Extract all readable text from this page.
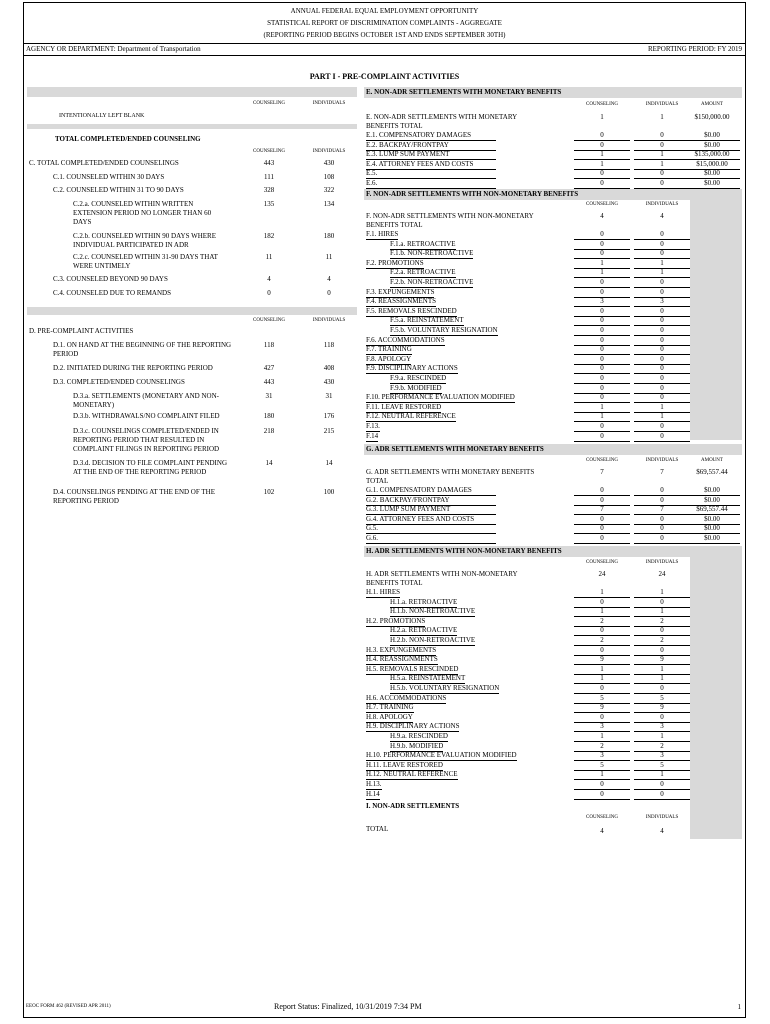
ANNUAL FEDERAL EQUAL EMPLOYMENT OPPORTUNITY
STATISTICAL REPORT OF DISCRIMINATION COMPLAINTS - AGGREGATE
(REPORTING PERIOD BEGINS OCTOBER 1ST AND ENDS SEPTEMBER 30TH)
AGENCY OR DEPARTMENT: Department of Transportation	REPORTING PERIOD: FY 2019
PART I - PRE-COMPLAINT ACTIVITIES
COUNSELING	INDIVIDUALS
INTENTIONALLY LEFT BLANK
TOTAL COMPLETED/ENDED COUNSELING
COUNSELING	INDIVIDUALS
C. TOTAL COMPLETED/ENDED COUNSELINGS	443	430
C.1. COUNSELED WITHIN 30 DAYS	111	108
C.2. COUNSELED WITHIN 31 TO 90 DAYS	328	322
C.2.a. COUNSELED WITHIN WRITTEN EXTENSION PERIOD NO LONGER THAN 60 DAYS
135	134
C.2.b. COUNSELED WITHIN 90 DAYS WHERE INDIVIDUAL PARTICIPATED IN ADR
182	180
C.2.c. COUNSELED WITHIN 31-90 DAYS THAT WERE UNTIMELY
11	11
C.3. COUNSELED BEYOND 90 DAYS	4	4
C.4. COUNSELED DUE TO REMANDS	0	0
COUNSELING	INDIVIDUALS
D. PRE-COMPLAINT ACTIVITIES
D.1. ON HAND AT THE BEGINNING OF THE REPORTING PERIOD
118	118
D.2. INITIATED DURING THE REPORTING PERIOD	427	408
D.3. COMPLETED/ENDED COUNSELINGS	443	430
D.3.a. SETTLEMENTS (MONETARY AND NON-MONETARY)
31	31
D.3.b. WITHDRAWALS/NO COMPLAINT FILED	180	176
D.3.c. COUNSELINGS COMPLETED/ENDED IN REPORTING PERIOD THAT RESULTED IN COMPLAINT FILINGS IN REPORTING PERIOD
218	215
D.3.d. DECISION TO FILE COMPLAINT PENDING AT THE END OF THE REPORTING PERIOD
14	14
D.4. COUNSELINGS PENDING AT THE END OF THE REPORTING PERIOD
102	100
E. NON-ADR SETTLEMENTS WITH MONETARY BENEFITS
COUNSELING	INDIVIDUALS	AMOUNT
E. NON-ADR SETTLEMENTS WITH MONETARY BENEFITS TOTAL
1	1	$150,000.00
E.1. COMPENSATORY DAMAGES	0	0	$0.00
E.2. BACKPAY/FRONTPAY	0	0	$0.00
E.3. LUMP SUM PAYMENT	1	1	$135,000.00
E.4. ATTORNEY FEES AND COSTS	1	1	$15,000.00
E.5.	0	0	$0.00
E.6.	0	0	$0.00
F. NON-ADR SETTLEMENTS WITH NON-MONETARY BENEFITS
COUNSELING	INDIVIDUALS
F. NON-ADR SETTLEMENTS WITH NON-MONETARY BENEFITS TOTAL
4	4
F.1. HIRES	0	0
F.1.a. RETROACTIVE	0	0
F.1.b. NON-RETROACTIVE	0	0
F.2. PROMOTIONS	1	1
F.2.a. RETROACTIVE	1	1
F.2.b. NON-RETROACTIVE	0	0
F.3. EXPUNGEMENTS	0	0
F.4. REASSIGNMENTS	3	3
F.5. REMOVALS RESCINDED	0	0
F.5.a. REINSTATEMENT	0	0
F.5.b. VOLUNTARY RESIGNATION	0	0
F.6. ACCOMMODATIONS	0	0
F.7. TRAINING	0	0
F.8. APOLOGY	0	0
F.9. DISCIPLINARY ACTIONS	0	0
F.9.a. RESCINDED	0	0
F.9.b. MODIFIED	0	0
F.10. PERFORMANCE EVALUATION MODIFIED	0	0
F.11. LEAVE RESTORED	1	1
F.12. NEUTRAL REFERENCE	1	1
F.13.	0	0
F.14	0	0
G. ADR SETTLEMENTS WITH MONETARY BENEFITS
COUNSELING	INDIVIDUALS	AMOUNT
G. ADR SETTLEMENTS WITH MONETARY BENEFITS TOTAL
7	7	$69,557.44
G.1. COMPENSATORY DAMAGES	0	0	$0.00
G.2. BACKPAY/FRONTPAY	0	0	$0.00
G.3. LUMP SUM PAYMENT	7	7	$69,557.44
G.4. ATTORNEY FEES AND COSTS	0	0	$0.00
G.5.	0	0	$0.00
G.6.	0	0	$0.00
H. ADR SETTLEMENTS WITH NON-MONETARY BENEFITS
COUNSELING	INDIVIDUALS
H. ADR SETTLEMENTS WITH NON-MONETARY BENEFITS TOTAL
24	24
H.1. HIRES	1	1
H.1.a. RETROACTIVE	0	0
H.1.b. NON-RETROACTIVE	1	1
H.2. PROMOTIONS	2	2
H.2.a. RETROACTIVE	0	0
H.2.b. NON-RETROACTIVE	2	2
H.3. EXPUNGEMENTS	0	0
H.4. REASSIGNMENTS	9	9
H.5. REMOVALS RESCINDED	1	1
H.5.a. REINSTATEMENT	1	1
H.5.b. VOLUNTARY RESIGNATION	0	0
H.6. ACCOMMODATIONS	5	5
H.7. TRAINING	9	9
H.8. APOLOGY	0	0
H.9. DISCIPLINARY ACTIONS	3	3
H.9.a. RESCINDED	1	1
H.9.b. MODIFIED	2	2
H.10. PERFORMANCE EVALUATION MODIFIED	3	3
H.11. LEAVE RESTORED	5	5
H.12. NEUTRAL REFERENCE	1	1
H.13.	0	0
H.14	0	0
I. NON-ADR SETTLEMENTS
COUNSELING	INDIVIDUALS
TOTAL	4	4
EEOC FORM 462 (REVISED APR 2011)	Report Status: Finalized, 10/31/2019 7:34 PM	1
